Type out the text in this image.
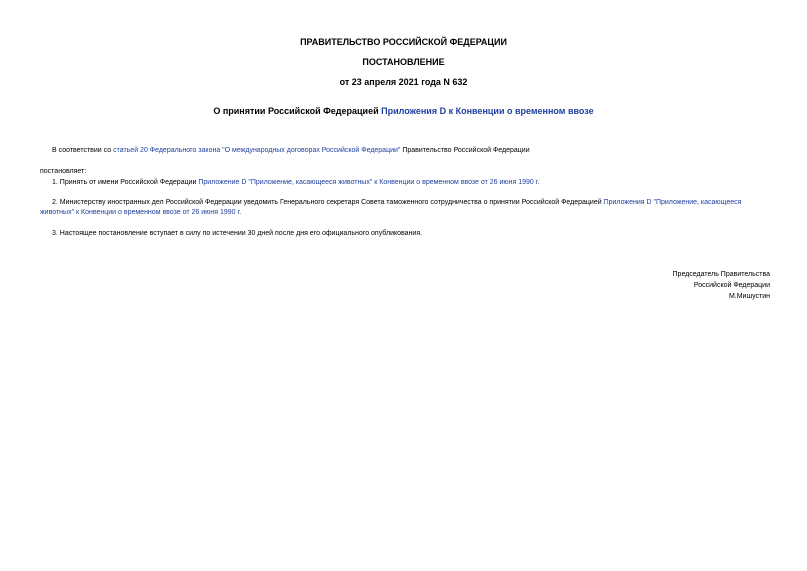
ПРАВИТЕЛЬСТВО РОССИЙСКОЙ ФЕДЕРАЦИИ
ПОСТАНОВЛЕНИЕ
от 23 апреля 2021 года N 632
О принятии Российской Федерацией Приложения D к Конвенции о временном ввозе
В соответствии со статьей 20 Федерального закона "О международных договорах Российской Федерации" Правительство Российской Федерации
постановляет:
1. Принять от имени Российской Федерации Приложение D "Приложение, касающееся животных" к Конвенции о временном ввозе от 26 июня 1990 г.
2. Министерству иностранных дел Российской Федерации уведомить Генерального секретаря Совета таможенного сотрудничества о принятии Российской Федерацией Приложения D "Приложение, касающееся животных" к Конвенции о временном ввозе от 26 июня 1990 г.
3. Настоящее постановление вступает в силу по истечении 30 дней после дня его официального опубликования.
Председатель Правительства
Российской Федерации
М.Мишустин
